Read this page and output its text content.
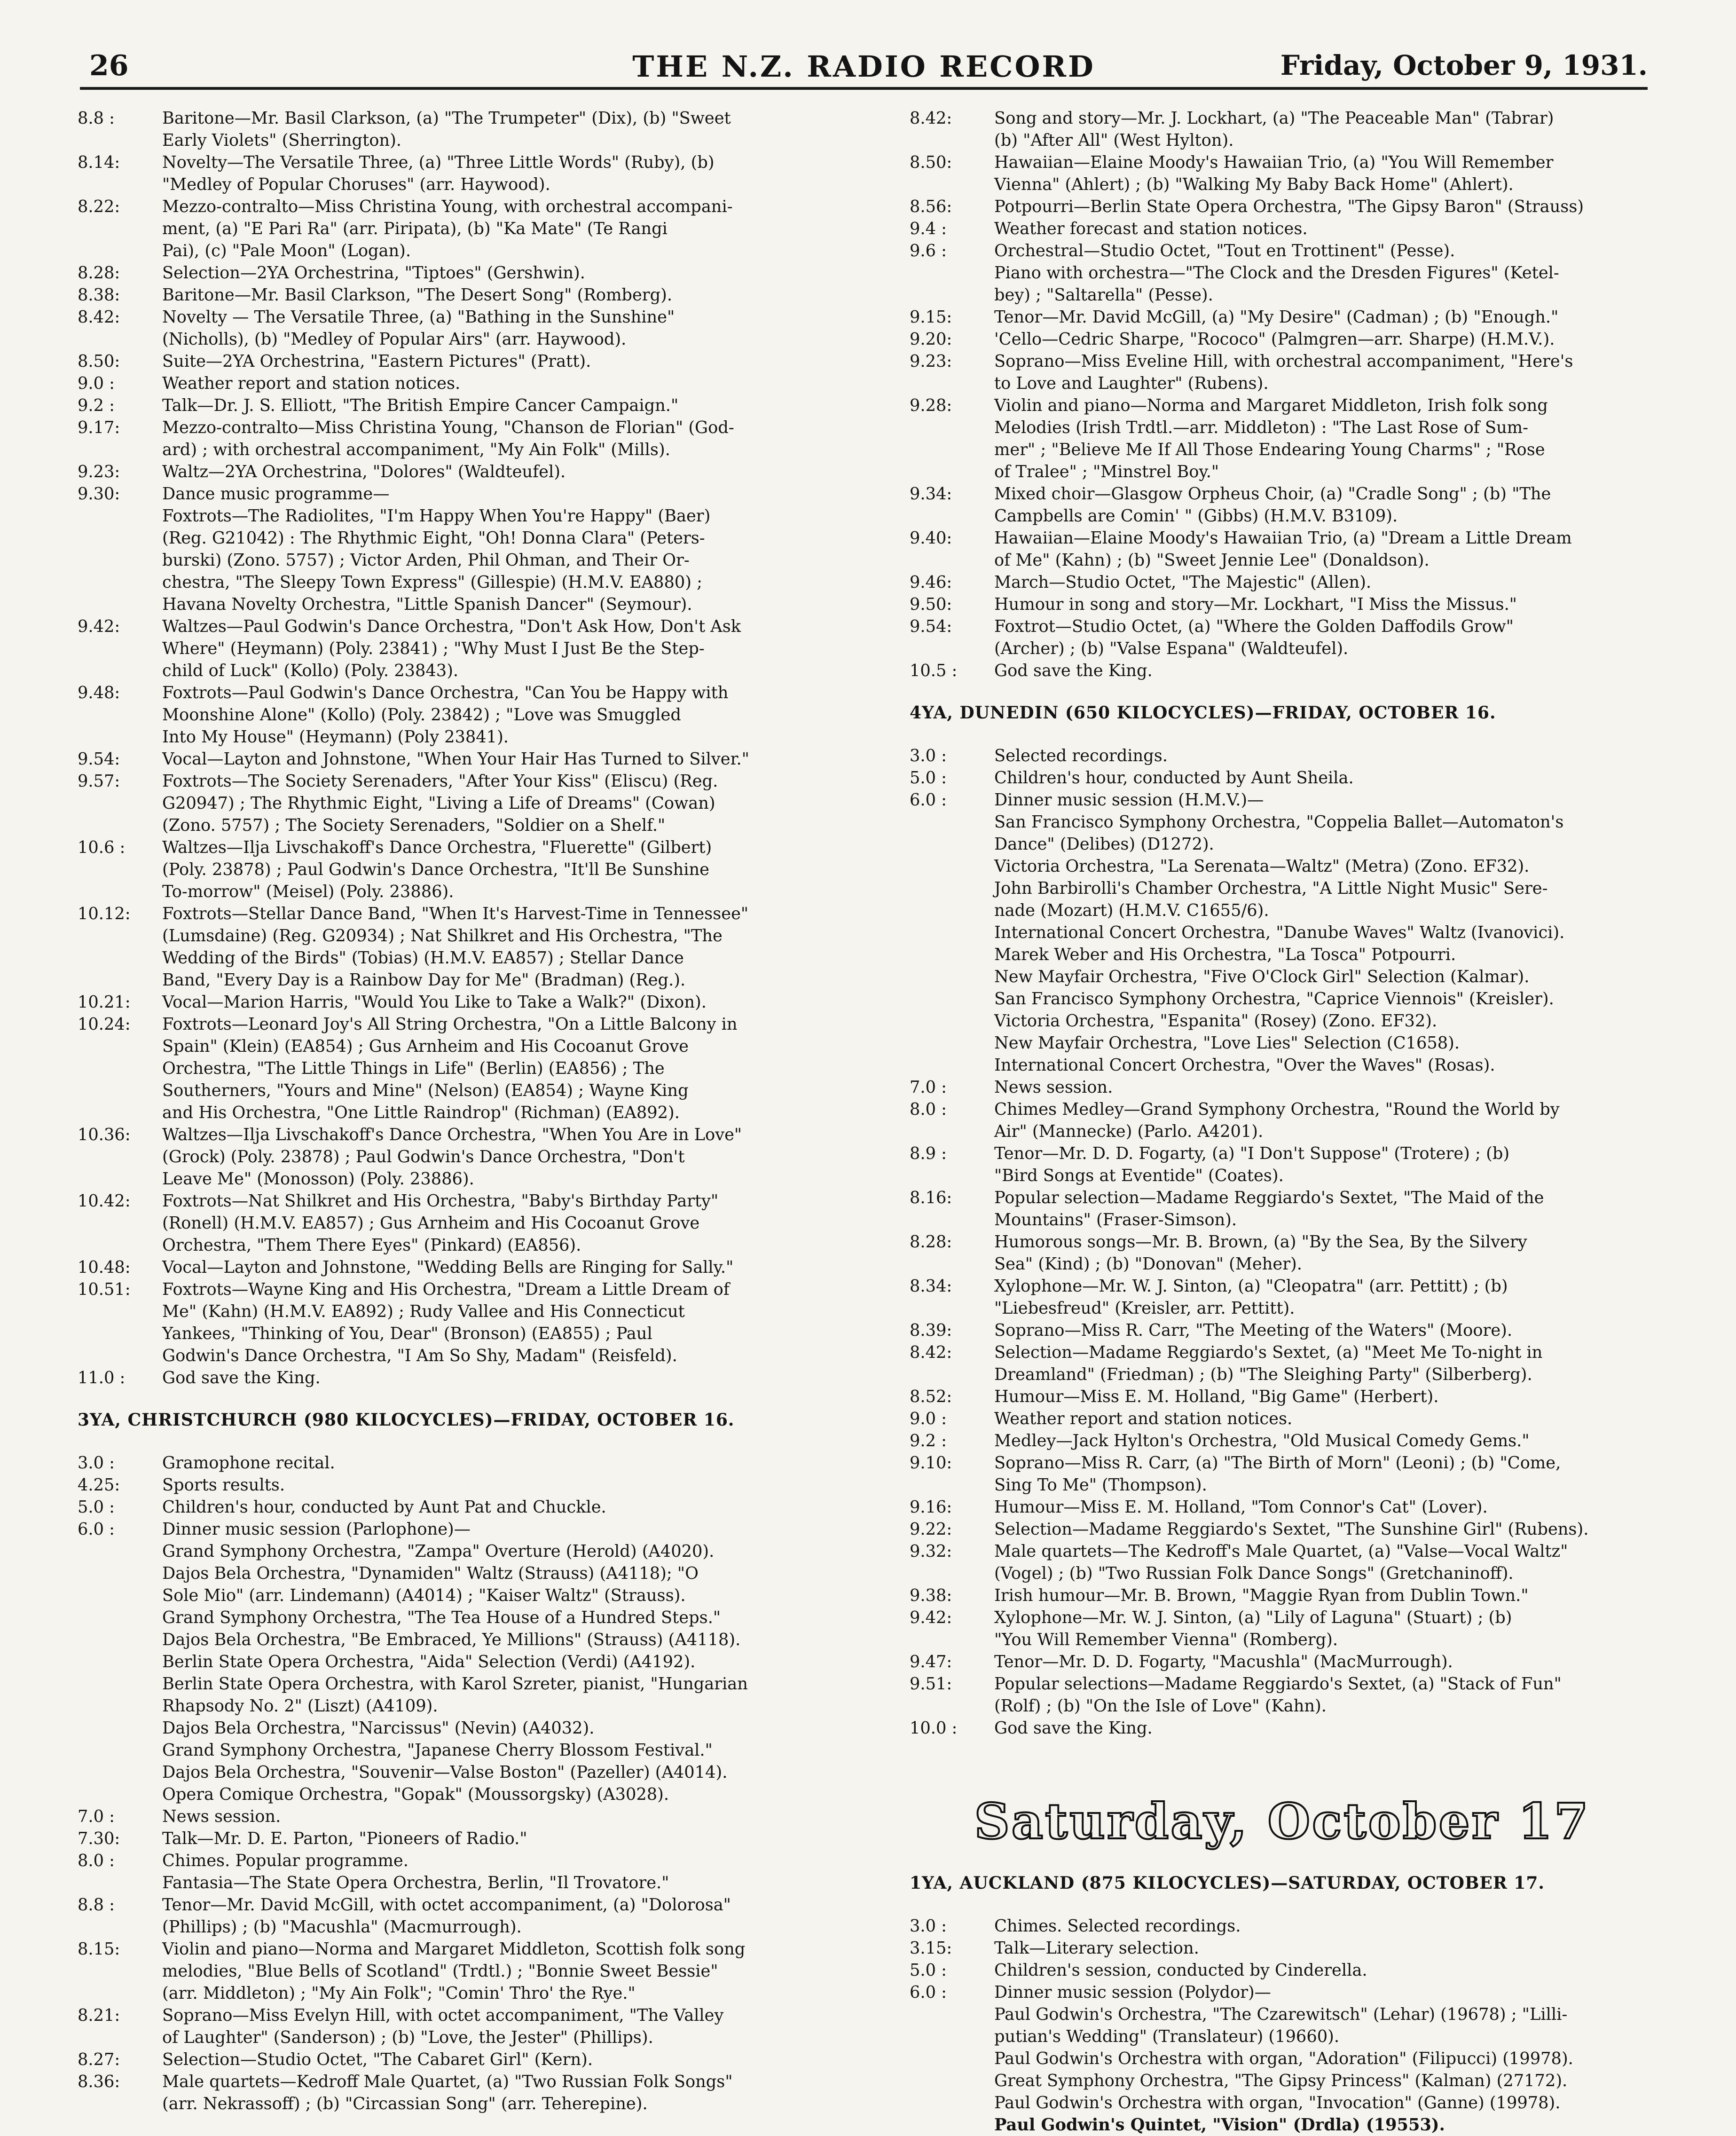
26	THE N.Z. RADIO RECORD	Friday, October 9, 1931.
8.8 :	Baritone—Mr. Basil Clarkson, (a) "The Trumpeter" (Dix), (b) "Sweet
Early Violets" (Sherrington).
8.14:	Novelty—The Versatile Three, (a) "Three Little Words" (Ruby), (b)
"Medley of Popular Choruses" (arr. Haywood).
8.22:	Mezzo-contralto—Miss Christina Young, with orchestral accompani-
ment, (a) "E Pari Ra" (arr. Piripata), (b) "Ka Mate" (Te Rangi
Pai), (c) "Pale Moon" (Logan).
8.28:	Selection—2YA Orchestrina, "Tiptoes" (Gershwin).
8.38:	Baritone—Mr. Basil Clarkson, "The Desert Song" (Romberg).
8.42:	Novelty — The Versatile Three, (a) "Bathing in the Sunshine"
(Nicholls), (b) "Medley of Popular Airs" (arr. Haywood).
8.50:	Suite—2YA Orchestrina, "Eastern Pictures" (Pratt).
9.0 :	Weather report and station notices.
9.2 :	Talk—Dr. J. S. Elliott, "The British Empire Cancer Campaign."
9.17:	Mezzo-contralto—Miss Christina Young, "Chanson de Florian" (God-
ard) ; with orchestral accompaniment, "My Ain Folk" (Mills).
9.23:	Waltz—2YA Orchestrina, "Dolores" (Waldteufel).
9.30:	Dance music programme—
Foxtrots—The Radiolites, "I'm Happy When You're Happy" (Baer)
(Reg. G21042) : The Rhythmic Eight, "Oh! Donna Clara" (Peters-
burski) (Zono. 5757) ; Victor Arden, Phil Ohman, and Their Or-
chestra, "The Sleepy Town Express" (Gillespie) (H.M.V. EA880) ;
Havana Novelty Orchestra, "Little Spanish Dancer" (Seymour).
9.42:	Waltzes—Paul Godwin's Dance Orchestra, "Don't Ask How, Don't Ask
Where" (Heymann) (Poly. 23841) ; "Why Must I Just Be the Step-
child of Luck" (Kollo) (Poly. 23843).
9.48:	Foxtrots—Paul Godwin's Dance Orchestra, "Can You be Happy with
Moonshine Alone" (Kollo) (Poly. 23842) ; "Love was Smuggled
Into My House" (Heymann) (Poly 23841).
9.54:	Vocal—Layton and Johnstone, "When Your Hair Has Turned to Silver."
9.57:	Foxtrots—The Society Serenaders, "After Your Kiss" (Eliscu) (Reg.
G20947) ; The Rhythmic Eight, "Living a Life of Dreams" (Cowan)
(Zono. 5757) ; The Society Serenaders, "Soldier on a Shelf."
10.6 :	Waltzes—Ilja Livschakoff's Dance Orchestra, "Fluerette" (Gilbert)
(Poly. 23878) ; Paul Godwin's Dance Orchestra, "It'll Be Sunshine
To-morrow" (Meisel) (Poly. 23886).
10.12:	Foxtrots—Stellar Dance Band, "When It's Harvest-Time in Tennessee"
(Lumsdaine) (Reg. G20934) ; Nat Shilkret and His Orchestra, "The
Wedding of the Birds" (Tobias) (H.M.V. EA857) ; Stellar Dance
Band, "Every Day is a Rainbow Day for Me" (Bradman) (Reg.).
10.21:	Vocal—Marion Harris, "Would You Like to Take a Walk?" (Dixon).
10.24:	Foxtrots—Leonard Joy's All String Orchestra, "On a Little Balcony in
Spain" (Klein) (EA854) ; Gus Arnheim and His Cocoanut Grove
Orchestra, "The Little Things in Life" (Berlin) (EA856) ; The
Southerners, "Yours and Mine" (Nelson) (EA854) ; Wayne King
and His Orchestra, "One Little Raindrop" (Richman) (EA892).
10.36:	Waltzes—Ilja Livschakoff's Dance Orchestra, "When You Are in Love"
(Grock) (Poly. 23878) ; Paul Godwin's Dance Orchestra, "Don't
Leave Me" (Monosson) (Poly. 23886).
10.42:	Foxtrots—Nat Shilkret and His Orchestra, "Baby's Birthday Party"
(Ronell) (H.M.V. EA857) ; Gus Arnheim and His Cocoanut Grove
Orchestra, "Them There Eyes" (Pinkard) (EA856).
10.48:	Vocal—Layton and Johnstone, "Wedding Bells are Ringing for Sally."
10.51:	Foxtrots—Wayne King and His Orchestra, "Dream a Little Dream of
Me" (Kahn) (H.M.V. EA892) ; Rudy Vallee and His Connecticut
Yankees, "Thinking of You, Dear" (Bronson) (EA855) ; Paul
Godwin's Dance Orchestra, "I Am So Shy, Madam" (Reisfeld).
11.0 :	God save the King.
3YA, CHRISTCHURCH (980 KILOCYCLES)—FRIDAY, OCTOBER 16.
3.0 :	Gramophone recital.
4.25:	Sports results.
5.0 :	Children's hour, conducted by Aunt Pat and Chuckle.
6.0 :	Dinner music session (Parlophone)—
Grand Symphony Orchestra, "Zampa" Overture (Herold) (A4020).
Dajos Bela Orchestra, "Dynamiden" Waltz (Strauss) (A4118); "O
Sole Mio" (arr. Lindemann) (A4014) ; "Kaiser Waltz" (Strauss).
Grand Symphony Orchestra, "The Tea House of a Hundred Steps."
Dajos Bela Orchestra, "Be Embraced, Ye Millions" (Strauss) (A4118).
Berlin State Opera Orchestra, "Aida" Selection (Verdi) (A4192).
Berlin State Opera Orchestra, with Karol Szreter, pianist, "Hungarian
Rhapsody No. 2" (Liszt) (A4109).
Dajos Bela Orchestra, "Narcissus" (Nevin) (A4032).
Grand Symphony Orchestra, "Japanese Cherry Blossom Festival."
Dajos Bela Orchestra, "Souvenir—Valse Boston" (Pazeller) (A4014).
Opera Comique Orchestra, "Gopak" (Moussorgsky) (A3028).
7.0 :	News session.
7.30:	Talk—Mr. D. E. Parton, "Pioneers of Radio."
8.0 :	Chimes. Popular programme.
Fantasia—The State Opera Orchestra, Berlin, "Il Trovatore."
8.8 :	Tenor—Mr. David McGill, with octet accompaniment, (a) "Dolorosa"
(Phillips) ; (b) "Macushla" (Macmurrough).
8.15:	Violin and piano—Norma and Margaret Middleton, Scottish folk song
melodies, "Blue Bells of Scotland" (Trdtl.) ; "Bonnie Sweet Bessie"
(arr. Middleton) ; "My Ain Folk"; "Comin' Thro' the Rye."
8.21:	Soprano—Miss Evelyn Hill, with octet accompaniment, "The Valley
of Laughter" (Sanderson) ; (b) "Love, the Jester" (Phillips).
8.27:	Selection—Studio Octet, "The Cabaret Girl" (Kern).
8.36:	Male quartets—Kedroff Male Quartet, (a) "Two Russian Folk Songs"
(arr. Nekrassoff) ; (b) "Circassian Song" (arr. Teherepine).
8.42:	Song and story—Mr. J. Lockhart, (a) "The Peaceable Man" (Tabrar)
(b) "After All" (West Hylton).
8.50:	Hawaiian—Elaine Moody's Hawaiian Trio, (a) "You Will Remember
Vienna" (Ahlert) ; (b) "Walking My Baby Back Home" (Ahlert).
8.56:	Potpourri—Berlin State Opera Orchestra, "The Gipsy Baron" (Strauss)
9.4 :	Weather forecast and station notices.
9.6 :	Orchestral—Studio Octet, "Tout en Trottinent" (Pesse).
Piano with orchestra—"The Clock and the Dresden Figures" (Ketel-
bey) ; "Saltarella" (Pesse).
9.15:	Tenor—Mr. David McGill, (a) "My Desire" (Cadman) ; (b) "Enough."
9.20:	'Cello—Cedric Sharpe, "Rococo" (Palmgren—arr. Sharpe) (H.M.V.).
9.23:	Soprano—Miss Eveline Hill, with orchestral accompaniment, "Here's
to Love and Laughter" (Rubens).
9.28:	Violin and piano—Norma and Margaret Middleton, Irish folk song
Melodies (Irish Trdtl.—arr. Middleton) : "The Last Rose of Sum-
mer" ; "Believe Me If All Those Endearing Young Charms" ; "Rose
of Tralee" ; "Minstrel Boy."
9.34:	Mixed choir—Glasgow Orpheus Choir, (a) "Cradle Song" ; (b) "The
Campbells are Comin' " (Gibbs) (H.M.V. B3109).
9.40:	Hawaiian—Elaine Moody's Hawaiian Trio, (a) "Dream a Little Dream
of Me" (Kahn) ; (b) "Sweet Jennie Lee" (Donaldson).
9.46:	March—Studio Octet, "The Majestic" (Allen).
9.50:	Humour in song and story—Mr. Lockhart, "I Miss the Missus."
9.54:	Foxtrot—Studio Octet, (a) "Where the Golden Daffodils Grow"
(Archer) ; (b) "Valse Espana" (Waldteufel).
10.5 :	God save the King.
4YA, DUNEDIN (650 KILOCYCLES)—FRIDAY, OCTOBER 16.
3.0 :	Selected recordings.
5.0 :	Children's hour, conducted by Aunt Sheila.
6.0 :	Dinner music session (H.M.V.)—
San Francisco Symphony Orchestra, "Coppelia Ballet—Automaton's
Dance" (Delibes) (D1272).
Victoria Orchestra, "La Serenata—Waltz" (Metra) (Zono. EF32).
John Barbirolli's Chamber Orchestra, "A Little Night Music" Sere-
nade (Mozart) (H.M.V. C1655/6).
International Concert Orchestra, "Danube Waves" Waltz (Ivanovici).
Marek Weber and His Orchestra, "La Tosca" Potpourri.
New Mayfair Orchestra, "Five O'Clock Girl" Selection (Kalmar).
San Francisco Symphony Orchestra, "Caprice Viennois" (Kreisler).
Victoria Orchestra, "Espanita" (Rosey) (Zono. EF32).
New Mayfair Orchestra, "Love Lies" Selection (C1658).
International Concert Orchestra, "Over the Waves" (Rosas).
7.0 :	News session.
8.0 :	Chimes Medley—Grand Symphony Orchestra, "Round the World by
Air" (Mannecke) (Parlo. A4201).
8.9 :	Tenor—Mr. D. D. Fogarty, (a) "I Don't Suppose" (Trotere) ; (b)
"Bird Songs at Eventide" (Coates).
8.16:	Popular selection—Madame Reggiardo's Sextet, "The Maid of the
Mountains" (Fraser-Simson).
8.28:	Humorous songs—Mr. B. Brown, (a) "By the Sea, By the Silvery
Sea" (Kind) ; (b) "Donovan" (Meher).
8.34:	Xylophone—Mr. W. J. Sinton, (a) "Cleopatra" (arr. Pettitt) ; (b)
"Liebesfreud" (Kreisler, arr. Pettitt).
8.39:	Soprano—Miss R. Carr, "The Meeting of the Waters" (Moore).
8.42:	Selection—Madame Reggiardo's Sextet, (a) "Meet Me To-night in
Dreamland" (Friedman) ; (b) "The Sleighing Party" (Silberberg).
8.52:	Humour—Miss E. M. Holland, "Big Game" (Herbert).
9.0 :	Weather report and station notices.
9.2 :	Medley—Jack Hylton's Orchestra, "Old Musical Comedy Gems."
9.10:	Soprano—Miss R. Carr, (a) "The Birth of Morn" (Leoni) ; (b) "Come,
Sing To Me" (Thompson).
9.16:	Humour—Miss E. M. Holland, "Tom Connor's Cat" (Lover).
9.22:	Selection—Madame Reggiardo's Sextet, "The Sunshine Girl" (Rubens).
9.32:	Male quartets—The Kedroff's Male Quartet, (a) "Valse—Vocal Waltz"
(Vogel) ; (b) "Two Russian Folk Dance Songs" (Gretchaninoff).
9.38:	Irish humour—Mr. B. Brown, "Maggie Ryan from Dublin Town."
9.42:	Xylophone—Mr. W. J. Sinton, (a) "Lily of Laguna" (Stuart) ; (b)
"You Will Remember Vienna" (Romberg).
9.47:	Tenor—Mr. D. D. Fogarty, "Macushla" (MacMurrough).
9.51:	Popular selections—Madame Reggiardo's Sextet, (a) "Stack of Fun"
(Rolf) ; (b) "On the Isle of Love" (Kahn).
10.0 :	God save the King.
Saturday, October 17
1YA, AUCKLAND (875 KILOCYCLES)—SATURDAY, OCTOBER 17.
3.0 :	Chimes. Selected recordings.
3.15:	Talk—Literary selection.
5.0 :	Children's session, conducted by Cinderella.
6.0 :	Dinner music session (Polydor)—
Paul Godwin's Orchestra, "The Czarewitsch" (Lehar) (19678) ; "Lilli-
putian's Wedding" (Translateur) (19660).
Paul Godwin's Orchestra with organ, "Adoration" (Filipucci) (19978).
Great Symphony Orchestra, "The Gipsy Princess" (Kalman) (27172).
Paul Godwin's Orchestra with organ, "Invocation" (Ganne) (19978).
Paul Godwin's Quintet, "Vision" (Drdla) (19553).
